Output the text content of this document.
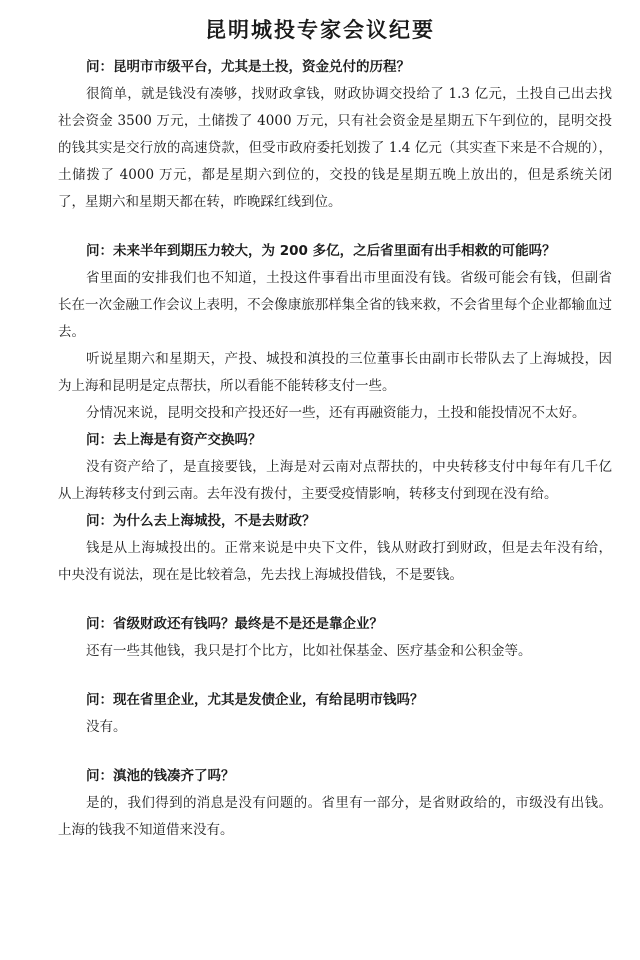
昆明城投专家会议纪要

问：昆明市市级平台，尤其是土投，资金兑付的历程？

很简单，就是钱没有凑够，找财政拿钱，财政协调交投给了 1.3 亿元，土投自己出去找社会资金 3500 万元，土储拨了 4000 万元，只有社会资金是星期五下午到位的，昆明交投的钱其实是交行放的高速贷款，但受市政府委托划拨了 1.4 亿元（其实查下来是不合规的），土储拨了 4000 万元，都是星期六到位的，交投的钱是星期五晚上放出的，但是系统关闭了，星期六和星期天都在转，昨晚踩红线到位。

问：未来半年到期压力较大，为 200 多亿，之后省里面有出手相救的可能吗？

省里面的安排我们也不知道，土投这件事看出市里面没有钱。省级可能会有钱，但副省长在一次金融工作会议上表明，不会像康旅那样集全省的钱来救，不会省里每个企业都输血过去。

听说星期六和星期天，产投、城投和滇投的三位董事长由副市长带队去了上海城投，因为上海和昆明是定点帮扶，所以看能不能转移支付一些。

分情况来说，昆明交投和产投还好一些，还有再融资能力，土投和能投情况不太好。

问：去上海是有资产交换吗？

没有资产给了，是直接要钱，上海是对云南对点帮扶的，中央转移支付中每年有几千亿从上海转移支付到云南。去年没有拨付，主要受疫情影响，转移支付到现在没有给。

问：为什么去上海城投，不是去财政？

钱是从上海城投出的。正常来说是中央下文件，钱从财政打到财政，但是去年没有给，中央没有说法，现在是比较着急，先去找上海城投借钱，不是要钱。

问：省级财政还有钱吗？最终是不是还是靠企业？

还有一些其他钱，我只是打个比方，比如社保基金、医疗基金和公积金等。

问：现在省里企业，尤其是发债企业，有给昆明市钱吗？

没有。

问：滇池的钱凑齐了吗？

是的，我们得到的消息是没有问题的。省里有一部分，是省财政给的，市级没有出钱。上海的钱我不知道借来没有。
